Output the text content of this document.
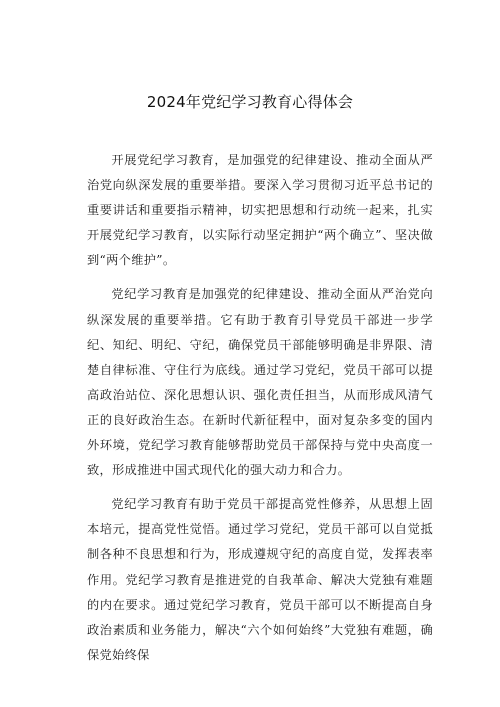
2024年党纪学习教育心得体会

开展党纪学习教育，是加强党的纪律建设、推动全面从严治党向纵深发展的重要举措。要深入学习贯彻习近平总书记的重要讲话和重要指示精神，切实把思想和行动统一起来，扎实开展党纪学习教育，以实际行动坚定拥护“两个确立”、坚决做到“两个维护”。

党纪学习教育是加强党的纪律建设、推动全面从严治党向纵深发展的重要举措。它有助于教育引导党员干部进一步学纪、知纪、明纪、守纪，确保党员干部能够明确是非界限、清楚自律标准、守住行为底线。通过学习党纪，党员干部可以提高政治站位、深化思想认识、强化责任担当，从而形成风清气正的良好政治生态。在新时代新征程中，面对复杂多变的国内外环境，党纪学习教育能够帮助党员干部保持与党中央高度一致，形成推进中国式现代化的强大动力和合力。

党纪学习教育有助于党员干部提高党性修养，从思想上固本培元，提高党性觉悟。通过学习党纪，党员干部可以自觉抵制各种不良思想和行为，形成遵规守纪的高度自觉，发挥表率作用。党纪学习教育是推进党的自我革命、解决大党独有难题的内在要求。通过党纪学习教育，党员干部可以不断提高自身政治素质和业务能力，解决“六个如何始终”大党独有难题，确保党始终保
